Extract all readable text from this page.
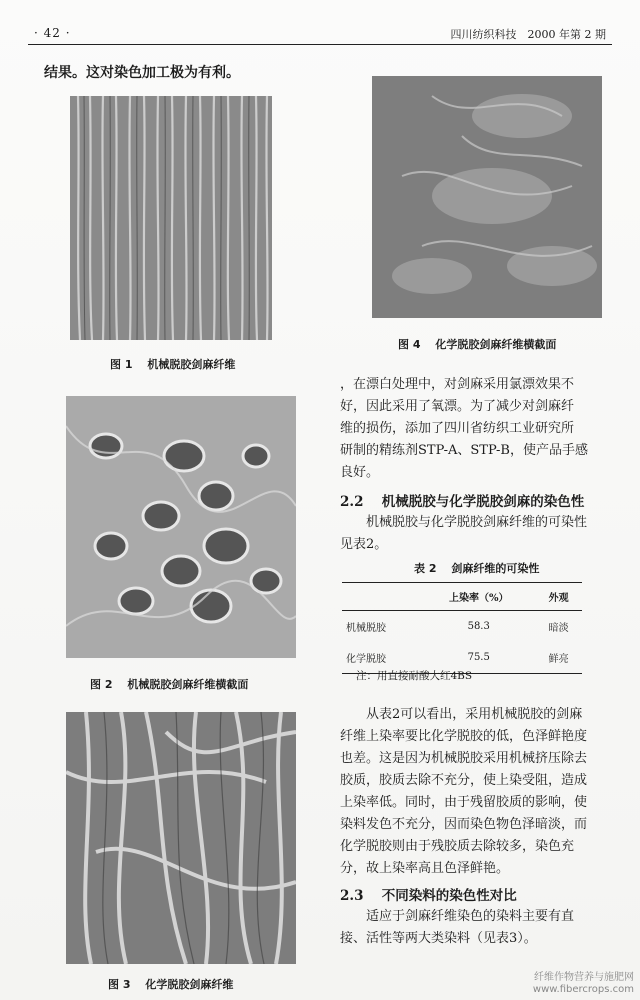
· 42 ·	四川纺织科技　2000 年第 2 期
结果。这对染色加工极为有利。
图 1　 机械脱胶剑麻纤维
图 2　 机械脱胶剑麻纤维横截面
图 3　 化学脱胶剑麻纤维
图 4　 化学脱胶剑麻纤维横截面
，在漂白处理中，对剑麻采用氯漂效果不
好，因此采用了氧漂。为了减少对剑麻纤
维的损伤，添加了四川省纺织工业研究所
研制的精练剂STP-A、STP-B，使产品手感
良好。
2.2　 机械脱胶与化学脱胶剑麻的染色性
　　机械脱胶与化学脱胶剑麻纤维的可染性
见表2。
表 2　 剑麻纤维的可染性
	上染率（%）	外观
机械脱胶	58.3	暗淡
化学脱胶	75.5	鲜亮
注：用直接耐酸大红4BS
　　从表2可以看出，采用机械脱胶的剑麻
纤维上染率要比化学脱胶的低，色泽鲜艳度
也差。这是因为机械脱胶采用机械挤压除去
胶质，胶质去除不充分，使上染受阻，造成
上染率低。同时，由于残留胶质的影响，使
染料发色不充分，因而染色物色泽暗淡，而
化学脱胶则由于残胶质去除较多，染色充
分，故上染率高且色泽鲜艳。
2.3　 不同染料的染色性对比
　　适应于剑麻纤维染色的染料主要有直
接、活性等两大类染料（见表3）。
纤维作物营养与施肥网
www.fibercrops.com
